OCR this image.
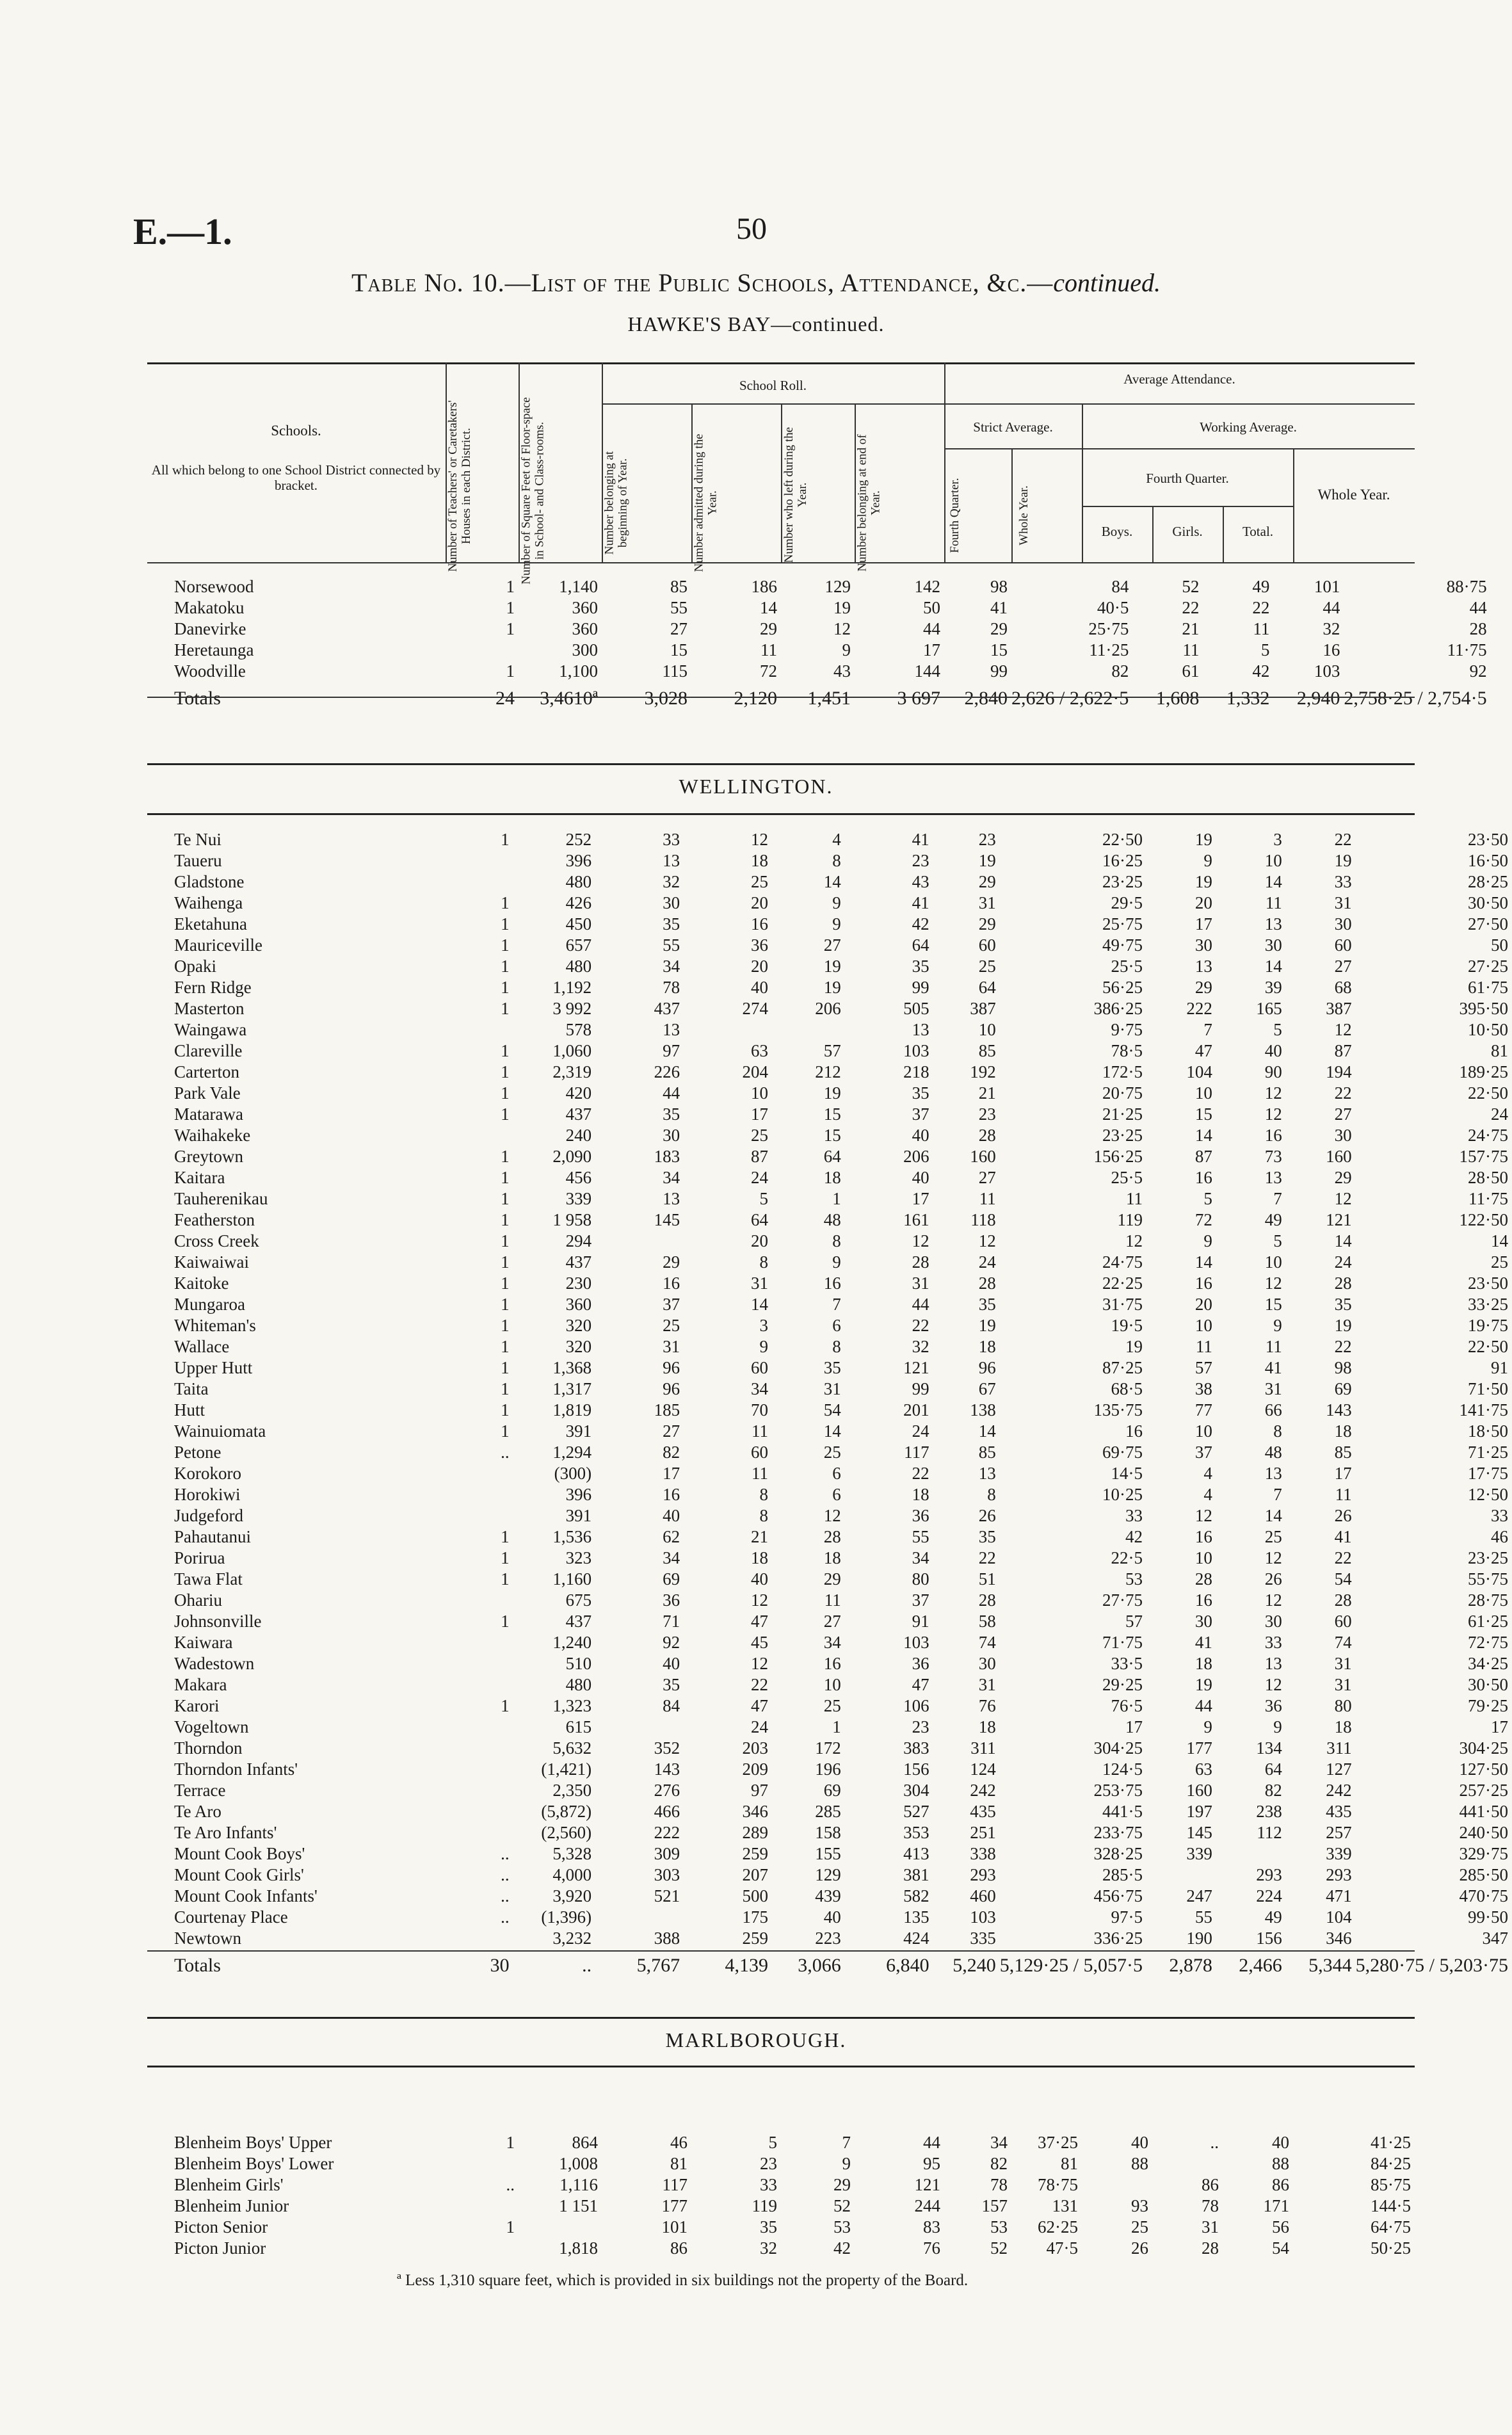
E.—1.	50
Table No. 10.—List of the Public Schools, Attendance, &c.—continued.
HAWKE'S BAY—continued.
Schools.
All which belong to one School District connected by bracket.	Number of Teachers' or Caretakers' Houses in each District.	Number of Square Feet of Floor-space in School- and Class-rooms.
School Roll.
Number belonging at beginning of Year.	Number admitted during the Year.	Number who left during the Year.	Number belonging at end of Year.
Average Attendance.
Strict Average.	Working Average.
Fourth Quarter.	Whole Year.
Fourth Quarter.
Boys.	Girls.	Total.
Whole Year.
Norsewood	1	1,140	85	186	129	142	98	84	52	49	101	88·75
Makatoku	1	360	55	14	19	50	41	40·5	22	22	44	44
Danevirke	1	360	27	29	12	44	29	25·75	21	11	32	28
Heretaunga		300	15	11	9	17	15	11·25	11	5	16	11·75
Woodville	1	1,100	115	72	43	144	99	82	61	42	103	92
Totals	24	3,4610ª	3,028	2,120	1,451	3 697	2,840	2,626 / 2,622·5	1,608	1,332	2,940	2,758·25 / 2,754·5
WELLINGTON.
Te Nui	1	252	33	12	4	41	23	22·50	19	3	22	23·50
Taueru		396	13	18	8	23	19	16·25	9	10	19	16·50
Gladstone		480	32	25	14	43	29	23·25	19	14	33	28·25
Waihenga	1	426	30	20	9	41	31	29·5	20	11	31	30·50
Eketahuna	1	450	35	16	9	42	29	25·75	17	13	30	27·50
Mauriceville	1	657	55	36	27	64	60	49·75	30	30	60	50
Opaki	1	480	34	20	19	35	25	25·5	13	14	27	27·25
Fern Ridge	1	1,192	78	40	19	99	64	56·25	29	39	68	61·75
Masterton	1	3 992	437	274	206	505	387	386·25	222	165	387	395·50
Waingawa		578	13			13	10	9·75	7	5	12	10·50
Clareville	1	1,060	97	63	57	103	85	78·5	47	40	87	81
Carterton	1	2,319	226	204	212	218	192	172·5	104	90	194	189·25
Park Vale	1	420	44	10	19	35	21	20·75	10	12	22	22·50
Matarawa	1	437	35	17	15	37	23	21·25	15	12	27	24
Waihakeke		240	30	25	15	40	28	23·25	14	16	30	24·75
Greytown	1	2,090	183	87	64	206	160	156·25	87	73	160	157·75
Kaitara	1	456	34	24	18	40	27	25·5	16	13	29	28·50
Tauherenikau	1	339	13	5	1	17	11	11	5	7	12	11·75
Featherston	1	1 958	145	64	48	161	118	119	72	49	121	122·50
Cross Creek	1	294		20	8	12	12	12	9	5	14	14
Kaiwaiwai	1	437	29	8	9	28	24	24·75	14	10	24	25
Kaitoke	1	230	16	31	16	31	28	22·25	16	12	28	23·50
Mungaroa	1	360	37	14	7	44	35	31·75	20	15	35	33·25
Whiteman's	1	320	25	3	6	22	19	19·5	10	9	19	19·75
Wallace	1	320	31	9	8	32	18	19	11	11	22	22·50
Upper Hutt	1	1,368	96	60	35	121	96	87·25	57	41	98	91
Taita	1	1,317	96	34	31	99	67	68·5	38	31	69	71·50
Hutt	1	1,819	185	70	54	201	138	135·75	77	66	143	141·75
Wainuiomata	1	391	27	11	14	24	14	16	10	8	18	18·50
Petone	..	1,294	82	60	25	117	85	69·75	37	48	85	71·25
Korokoro		(300)	17	11	6	22	13	14·5	4	13	17	17·75
Horokiwi		396	16	8	6	18	8	10·25	4	7	11	12·50
Judgeford		391	40	8	12	36	26	33	12	14	26	33
Pahautanui	1	1,536	62	21	28	55	35	42	16	25	41	46
Porirua	1	323	34	18	18	34	22	22·5	10	12	22	23·25
Tawa Flat	1	1,160	69	40	29	80	51	53	28	26	54	55·75
Ohariu		675	36	12	11	37	28	27·75	16	12	28	28·75
Johnsonville	1	437	71	47	27	91	58	57	30	30	60	61·25
Kaiwara		1,240	92	45	34	103	74	71·75	41	33	74	72·75
Wadestown		510	40	12	16	36	30	33·5	18	13	31	34·25
Makara		480	35	22	10	47	31	29·25	19	12	31	30·50
Karori	1	1,323	84	47	25	106	76	76·5	44	36	80	79·25
Vogeltown		615		24	1	23	18	17	9	9	18	17
Thorndon		5,632	352	203	172	383	311	304·25	177	134	311	304·25
Thorndon Infants'		(1,421)	143	209	196	156	124	124·5	63	64	127	127·50
Terrace		2,350	276	97	69	304	242	253·75	160	82	242	257·25
Te Aro		(5,872)	466	346	285	527	435	441·5	197	238	435	441·50
Te Aro Infants'		(2,560)	222	289	158	353	251	233·75	145	112	257	240·50
Mount Cook Boys'	..	5,328	309	259	155	413	338	328·25	339		339	329·75
Mount Cook Girls'	..	4,000	303	207	129	381	293	285·5		293	293	285·50
Mount Cook Infants'	..	3,920	521	500	439	582	460	456·75	247	224	471	470·75
Courtenay Place	..	(1,396)		175	40	135	103	97·5	55	49	104	99·50
Newtown		3,232	388	259	223	424	335	336·25	190	156	346	347
Totals	30	..	5,767	4,139	3,066	6,840	5,240	5,129·25 / 5,057·5	2,878	2,466	5,344	5,280·75 / 5,203·75
MARLBOROUGH.
Blenheim Boys' Upper	1	864	46	5	7	44	34	37·25	40	..	40	41·25
Blenheim Boys' Lower		1,008	81	23	9	95	82	81	88		88	84·25
Blenheim Girls'	..	1,116	117	33	29	121	78	78·75		86	86	85·75
Blenheim Junior		1 151	177	119	52	244	157	131	93	78	171	144·5
Picton Senior	1		101	35	53	83	53	62·25	25	31	56	64·75
Picton Junior		1,818	86	32	42	76	52	47·5	26	28	54	50·25
ª Less 1,310 square feet, which is provided in six buildings not the property of the Board.
